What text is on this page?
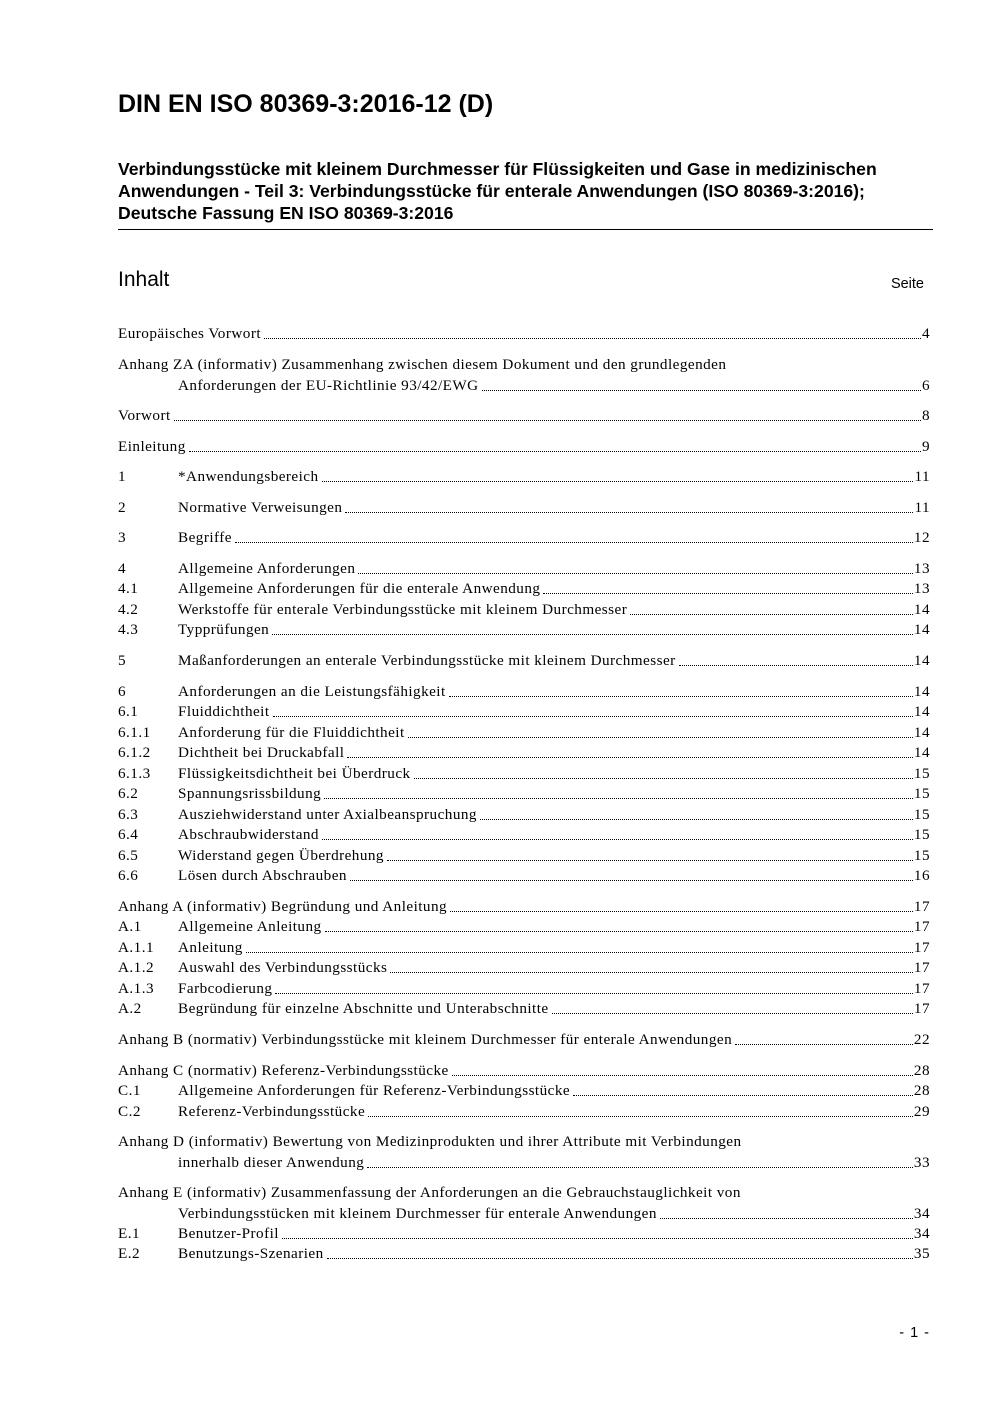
DIN EN ISO 80369-3:2016-12 (D)

Verbindungsstücke mit kleinem Durchmesser für Flüssigkeiten und Gase in medizinischen Anwendungen - Teil 3: Verbindungsstücke für enterale Anwendungen (ISO 80369-3:2016); Deutsche Fassung EN ISO 80369-3:2016

Inhalt	Seite
Europäisches Vorwort	4
Anhang ZA (informativ) Zusammenhang zwischen diesem Dokument und den grundlegenden
Anforderungen der EU-Richtlinie 93/42/EWG	6
Vorwort	8
Einleitung	9
1	*Anwendungsbereich	11
2	Normative Verweisungen	11
3	Begriffe	12
4	Allgemeine Anforderungen	13
4.1	Allgemeine Anforderungen für die enterale Anwendung	13
4.2	Werkstoffe für enterale Verbindungsstücke mit kleinem Durchmesser	14
4.3	Typprüfungen	14
5	Maßanforderungen an enterale Verbindungsstücke mit kleinem Durchmesser	14
6	Anforderungen an die Leistungsfähigkeit	14
6.1	Fluiddichtheit	14
6.1.1 Anforderung für die Fluiddichtheit	14
6.1.2 Dichtheit bei Druckabfall	14
6.1.3 Flüssigkeitsdichtheit bei Überdruck	15
6.2	Spannungsrissbildung	15
6.3	Ausziehwiderstand unter Axialbeanspruchung	15
6.4	Abschraubwiderstand	15
6.5	Widerstand gegen Überdrehung	15
6.6	Lösen durch Abschrauben	16
Anhang A (informativ) Begründung und Anleitung	17
A.1 Allgemeine Anleitung	17
A.1.1 Anleitung	17
A.1.2 Auswahl des Verbindungsstücks	17
A.1.3 Farbcodierung	17
A.2 Begründung für einzelne Abschnitte und Unterabschnitte	17
Anhang B (normativ) Verbindungsstücke mit kleinem Durchmesser für enterale Anwendungen	22
Anhang C (normativ) Referenz-Verbindungsstücke	28
C.1 Allgemeine Anforderungen für Referenz-Verbindungsstücke	28
C.2 Referenz-Verbindungsstücke	29
Anhang D (informativ) Bewertung von Medizinprodukten und ihrer Attribute mit Verbindungen
innerhalb dieser Anwendung	33
Anhang E (informativ) Zusammenfassung der Anforderungen an die Gebrauchstauglichkeit von
Verbindungsstücken mit kleinem Durchmesser für enterale Anwendungen	34
E.1 Benutzer-Profil	34
E.2 Benutzungs-Szenarien	35
- 1 -
